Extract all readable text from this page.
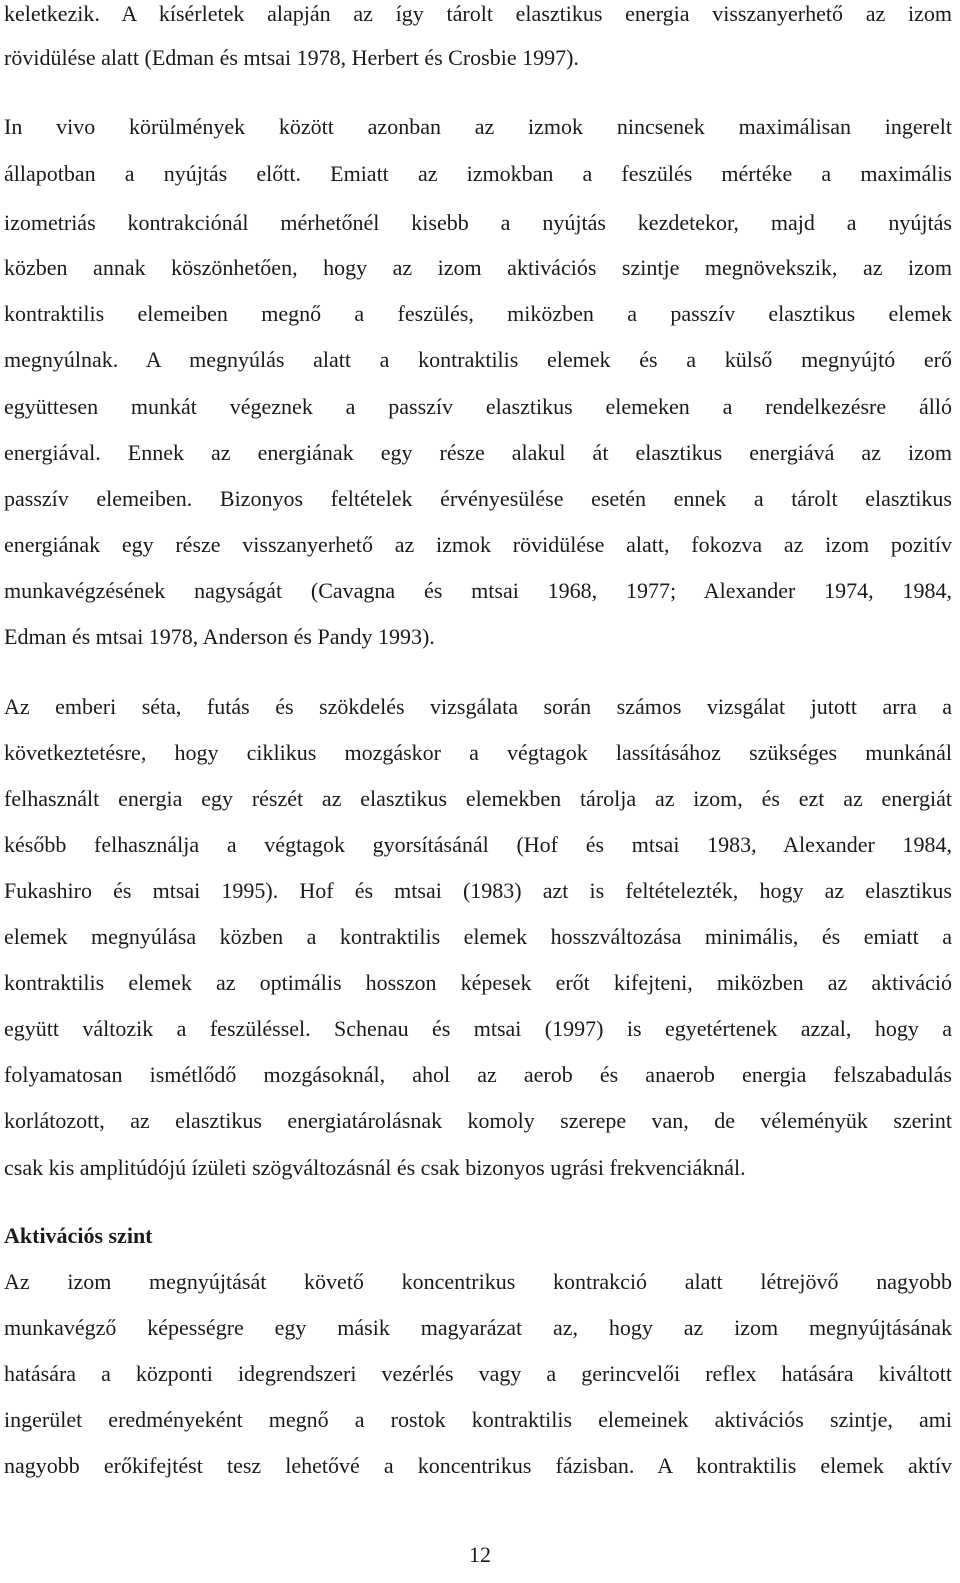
keletkezik. A kísérletek alapján az így tárolt elasztikus energia visszanyerhető az izom
rövidülése alatt (Edman és mtsai 1978, Herbert és Crosbie 1997).
In vivo körülmények között azonban az izmok nincsenek maximálisan ingerelt
állapotban a nyújtás előtt. Emiatt az izmokban a feszülés mértéke a maximális
izometriás kontrakciónál mérhetőnél kisebb a nyújtás kezdetekor, majd a nyújtás
közben annak köszönhetően, hogy az izom aktivációs szintje megnövekszik, az izom
kontraktilis elemeiben megnő a feszülés, miközben a passzív elasztikus elemek
megnyúlnak. A megnyúlás alatt a kontraktilis elemek és a külső megnyújtó erő
együttesen munkát végeznek a passzív elasztikus elemeken a rendelkezésre álló
energiával. Ennek az energiának egy része alakul át elasztikus energiává az izom
passzív elemeiben. Bizonyos feltételek érvényesülése esetén ennek a tárolt elasztikus
energiának egy része visszanyerhető az izmok rövidülése alatt, fokozva az izom pozitív
munkavégzésének nagyságát (Cavagna és mtsai 1968, 1977; Alexander 1974, 1984,
Edman és mtsai 1978, Anderson és Pandy 1993).
Az emberi séta, futás és szökdelés vizsgálata során számos vizsgálat jutott arra a
következtetésre, hogy ciklikus mozgáskor a végtagok lassításához szükséges munkánál
felhasznált energia egy részét az elasztikus elemekben tárolja az izom, és ezt az energiát
később felhasználja a végtagok gyorsításánál (Hof és mtsai 1983, Alexander 1984,
Fukashiro és mtsai 1995). Hof és mtsai (1983) azt is feltételezték, hogy az elasztikus
elemek megnyúlása közben a kontraktilis elemek hosszváltozása minimális, és emiatt a
kontraktilis elemek az optimális hosszon képesek erőt kifejteni, miközben az aktiváció
együtt változik a feszüléssel. Schenau és mtsai (1997) is egyetértenek azzal, hogy a
folyamatosan ismétlődő mozgásoknál, ahol az aerob és anaerob energia felszabadulás
korlátozott, az elasztikus energiatárolásnak komoly szerepe van, de véleményük szerint
csak kis amplitúdójú ízületi szögváltozásnál és csak bizonyos ugrási frekvenciáknál.
Aktivációs szint
Az izom megnyújtását követő koncentrikus kontrakció alatt létrejövő nagyobb
munkavégző képességre egy másik magyarázat az, hogy az izom megnyújtásának
hatására a központi idegrendszeri vezérlés vagy a gerincvelői reflex hatására kiváltott
ingerület eredményeként megnő a rostok kontraktilis elemeinek aktivációs szintje, ami
nagyobb erőkifejtést tesz lehetővé a koncentrikus fázisban. A kontraktilis elemek aktív
12
